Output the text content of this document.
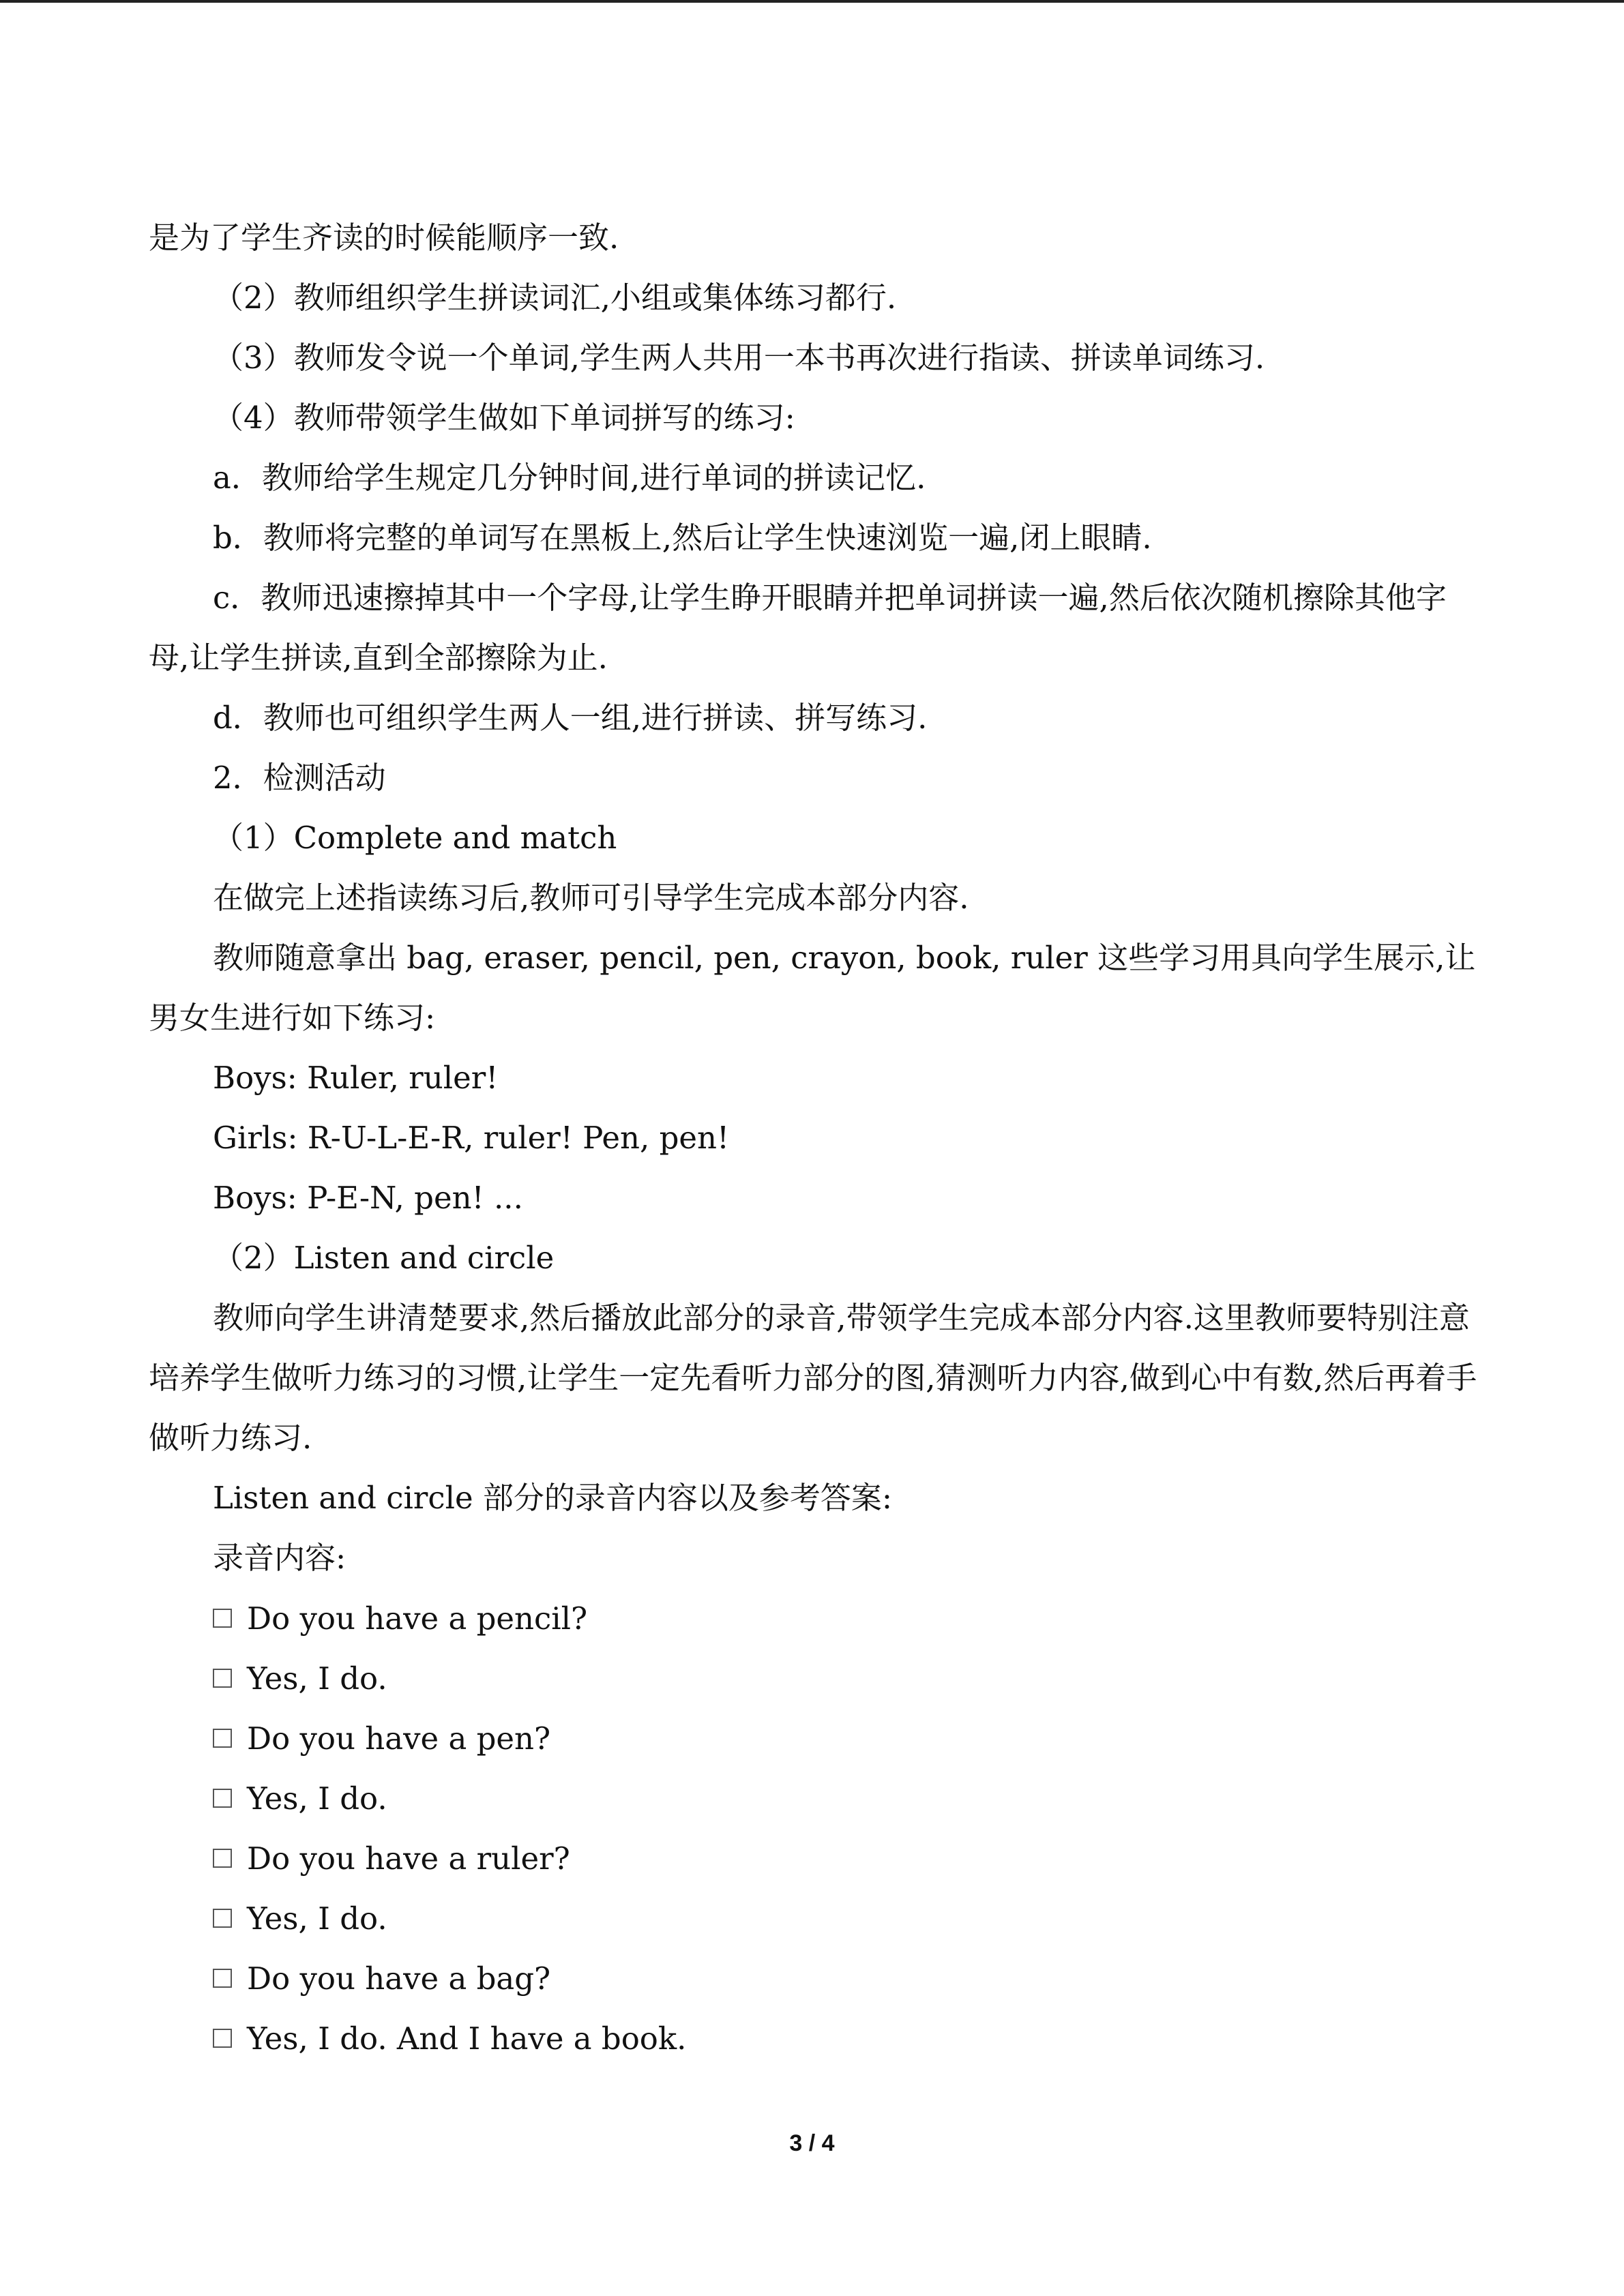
是为了学生齐读的时候能顺序一致.

（2）教师组织学生拼读词汇,小组或集体练习都行.

（3）教师发令说一个单词,学生两人共用一本书再次进行指读、拼读单词练习.

（4）教师带领学生做如下单词拼写的练习:

a．教师给学生规定几分钟时间,进行单词的拼读记忆.

b．教师将完整的单词写在黑板上,然后让学生快速浏览一遍,闭上眼睛.

c．教师迅速擦掉其中一个字母,让学生睁开眼睛并把单词拼读一遍,然后依次随机擦除其他字母,让学生拼读,直到全部擦除为止.

d．教师也可组织学生两人一组,进行拼读、拼写练习.

2．检测活动

（1）Complete and match

在做完上述指读练习后,教师可引导学生完成本部分内容.

教师随意拿出 bag, eraser, pencil, pen, crayon, book, ruler 这些学习用具向学生展示,让男女生进行如下练习:

Boys: Ruler, ruler!

Girls: R-U-L-E-R, ruler! Pen, pen!

Boys: P-E-N, pen! ...

（2）Listen and circle

教师向学生讲清楚要求,然后播放此部分的录音,带领学生完成本部分内容.这里教师要特别注意培养学生做听力练习的习惯,让学生一定先看听力部分的图,猜测听力内容,做到心中有数,然后再着手做听力练习.

Listen and circle 部分的录音内容以及参考答案:

录音内容:

Do you have a pencil?
Yes, I do.
Do you have a pen?
Yes, I do.
Do you have a ruler?
Yes, I do.
Do you have a bag?
Yes, I do. And I have a book.
3 / 4
